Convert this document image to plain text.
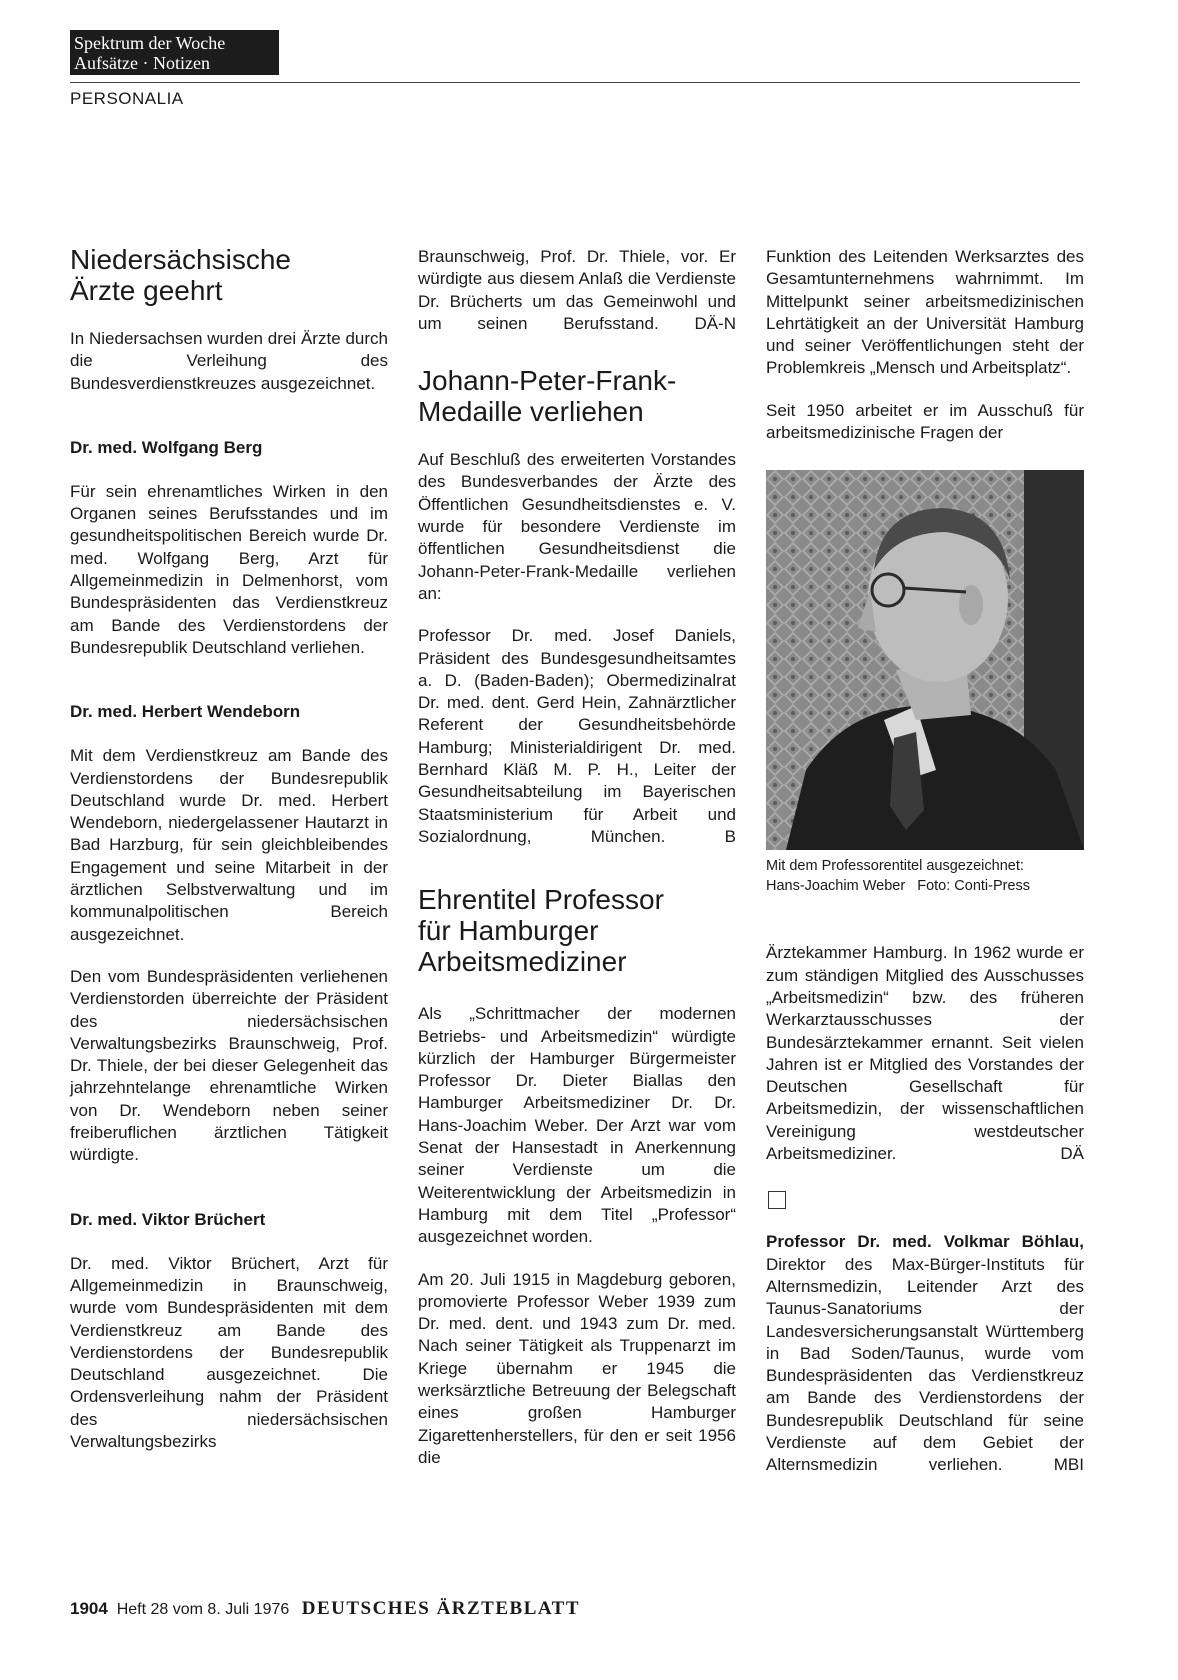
Spektrum der Woche
Aufsätze · Notizen
PERSONALIA
Niedersächsische
Ärzte geehrt

In Niedersachsen wurden drei Ärzte durch die Verleihung des Bundesverdienstkreuzes ausgezeichnet.

Dr. med. Wolfgang Berg

Für sein ehrenamtliches Wirken in den Organen seines Berufsstandes und im gesundheitspolitischen Bereich wurde Dr. med. Wolfgang Berg, Arzt für Allgemeinmedizin in Delmenhorst, vom Bundespräsidenten das Verdienstkreuz am Bande des Verdienstordens der Bundesrepublik Deutschland verliehen.

Dr. med. Herbert Wendeborn

Mit dem Verdienstkreuz am Bande des Verdienstordens der Bundesrepublik Deutschland wurde Dr. med. Herbert Wendeborn, niedergelassener Hautarzt in Bad Harzburg, für sein gleichbleibendes Engagement und seine Mitarbeit in der ärztlichen Selbstverwaltung und im kommunalpolitischen Bereich ausgezeichnet.

Den vom Bundespräsidenten verliehenen Verdienstorden überreichte der Präsident des niedersächsischen Verwaltungsbezirks Braunschweig, Prof. Dr. Thiele, der bei dieser Gelegenheit das jahrzehntelange ehrenamtliche Wirken von Dr. Wendeborn neben seiner freiberuflichen ärztlichen Tätigkeit würdigte.

Dr. med. Viktor Brüchert

Dr. med. Viktor Brüchert, Arzt für Allgemeinmedizin in Braunschweig, wurde vom Bundespräsidenten mit dem Verdienstkreuz am Bande des Verdienstordens der Bundesrepublik Deutschland ausgezeichnet. Die Ordensverleihung nahm der Präsident des niedersächsischen Verwaltungsbezirks

Braunschweig, Prof. Dr. Thiele, vor. Er würdigte aus diesem Anlaß die Verdienste Dr. Brücherts um das Gemeinwohl und um seinen Berufsstand. DÄ-N

Johann-Peter-Frank-
Medaille verliehen

Auf Beschluß des erweiterten Vorstandes des Bundesverbandes der Ärzte des Öffentlichen Gesundheitsdienstes e. V. wurde für besondere Verdienste im öffentlichen Gesundheitsdienst die Johann-Peter-Frank-Medaille verliehen an:

Professor Dr. med. Josef Daniels, Präsident des Bundesgesundheitsamtes a. D. (Baden-Baden); Obermedizinalrat Dr. med. dent. Gerd Hein, Zahnärztlicher Referent der Gesundheitsbehörde Hamburg; Ministerialdirigent Dr. med. Bernhard Kläß M. P. H., Leiter der Gesundheitsabteilung im Bayerischen Staatsministerium für Arbeit und Sozialordnung, München.	B

Ehrentitel Professor
für Hamburger
Arbeitsmediziner

Als „Schrittmacher der modernen Betriebs- und Arbeitsmedizin“ würdigte kürzlich der Hamburger Bürgermeister Professor Dr. Dieter Biallas den Hamburger Arbeitsmediziner Dr. Dr. Hans-Joachim Weber. Der Arzt war vom Senat der Hansestadt in Anerkennung seiner Verdienste um die Weiterentwicklung der Arbeitsmedizin in Hamburg mit dem Titel „Professor“ ausgezeichnet worden.

Am 20. Juli 1915 in Magdeburg geboren, promovierte Professor Weber 1939 zum Dr. med. dent. und 1943 zum Dr. med. Nach seiner Tätigkeit als Truppenarzt im Kriege übernahm er 1945 die werksärztliche Betreuung der Belegschaft eines großen Hamburger Zigarettenherstellers, für den er seit 1956 die

Funktion des Leitenden Werksarztes des Gesamtunternehmens wahrnimmt. Im Mittelpunkt seiner arbeitsmedizinischen Lehrtätigkeit an der Universität Hamburg und seiner Veröffentlichungen steht der Problemkreis „Mensch und Arbeitsplatz“.

Seit 1950 arbeitet er im Ausschuß für arbeitsmedizinische Fragen der

Mit dem Professorentitel ausgezeichnet:
Hans-Joachim Weber   Foto: Conti-Press

Ärztekammer Hamburg. In 1962 wurde er zum ständigen Mitglied des Ausschusses „Arbeitsmedizin“ bzw. des früheren Werkarztausschusses der Bundesärztekammer ernannt. Seit vielen Jahren ist er Mitglied des Vorstandes der Deutschen Gesellschaft für Arbeitsmedizin, der wissenschaftlichen Vereinigung westdeutscher Arbeitsmediziner.	DÄ

Professor Dr. med. Volkmar Böhlau, Direktor des Max-Bürger-Instituts für Alternsmedizin, Leitender Arzt des Taunus-Sanatoriums der Landesversicherungsanstalt Württemberg in Bad Soden/Taunus, wurde vom Bundespräsidenten das Verdienstkreuz am Bande des Verdienstordens der Bundesrepublik Deutschland für seine Verdienste auf dem Gebiet der Alternsmedizin verliehen.	MBI

1904 Heft 28 vom 8. Juli 1976 DEUTSCHES ÄRZTEBLATT
